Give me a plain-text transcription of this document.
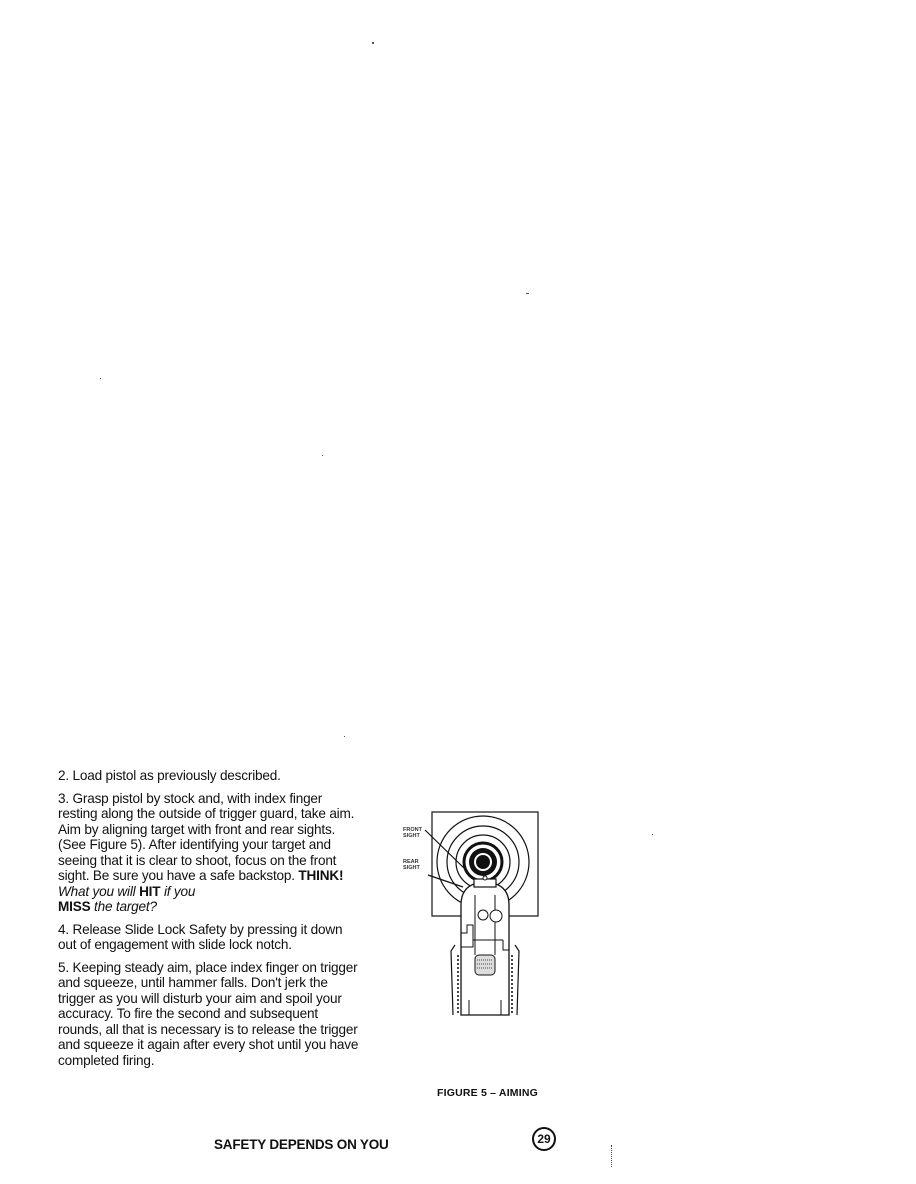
2. Load pistol as previously described.

3. Grasp pistol by stock and, with index finger resting along the outside of trigger guard, take aim. Aim by aligning target with front and rear sights. (See Figure 5). After identifying your target and seeing that it is clear to shoot, focus on the front sight. Be sure you have a safe backstop. THINK! What you will HIT if you
MISS the target?

4. Release Slide Lock Safety by pressing it down out of engagement with slide lock notch.

5. Keeping steady aim, place index finger on trigger and squeeze, until hammer falls. Don't jerk the trigger as you will disturb your aim and spoil your accuracy. To fire the second and subsequent rounds, all that is necessary is to release the trigger and squeeze it again after every shot until you have completed firing.

FRONT SIGHT
REAR SIGHT
FIGURE 5 – AIMING
SAFETY DEPENDS ON YOU	29
